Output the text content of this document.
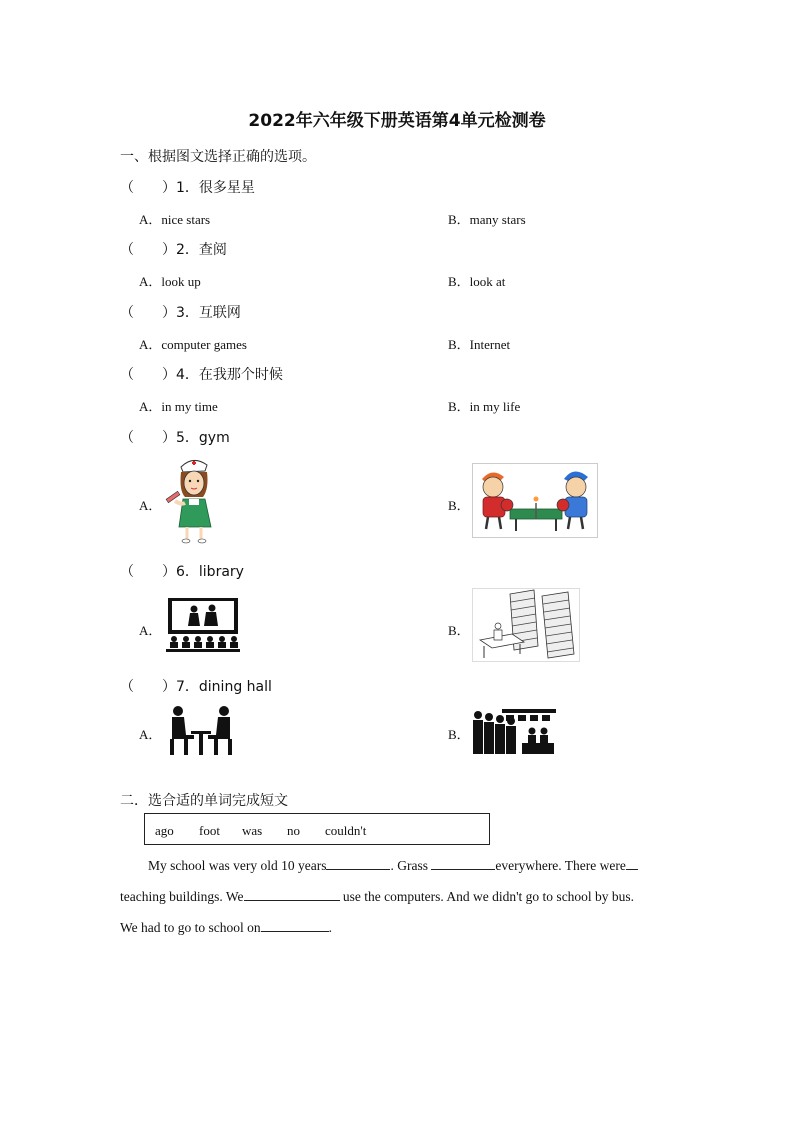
2022年六年级下册英语第4单元检测卷
一、根据图文选择正确的选项。
（　　）1．很多星星
A．nice stars	B．many stars
（　　）2．查阅
A．look up	B．look at
（　　）3．互联网
A．computer games	B．Internet
（　　）4．在我那个时候
A．in my time	B．in my life
（　　）5．gym
A．	B．
（　　）6．library
A．	B．
（　　）7．dining hall
A．	B．
二．选合适的单词完成短文
ago foot was no couldn't
My school was very old 10 years	. Grass	everywhere. There were
teaching buildings. We	use the computers. And we didn't go to school by bus.
We had to go to school on	.
